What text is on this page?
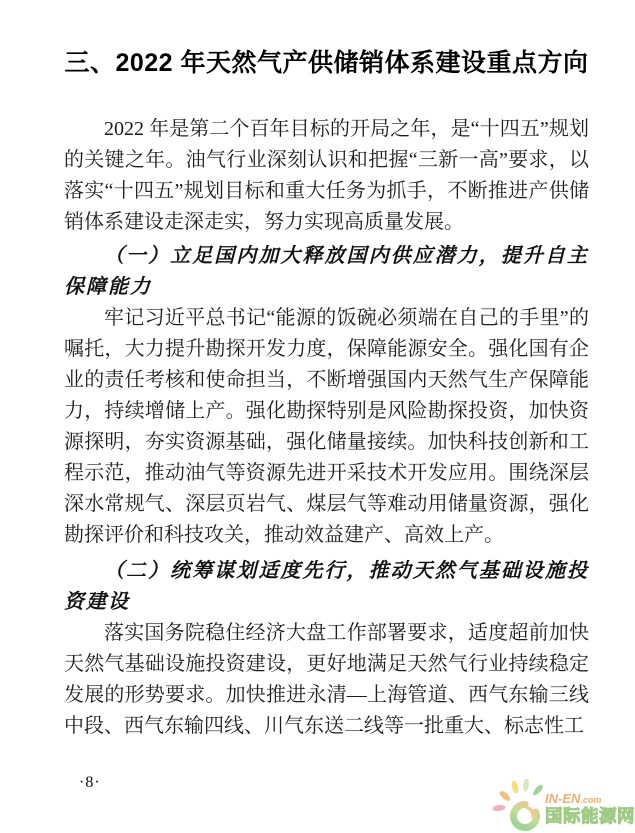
三、2022 年天然气产供储销体系建设重点方向

2022 年是第二个百年目标的开局之年，是“十四五”规划的关键之年。油气行业深刻认识和把握“三新一高”要求，以落实“十四五”规划目标和重大任务为抓手，不断推进产供储销体系建设走深走实，努力实现高质量发展。

（一）立足国内加大释放国内供应潜力，提升自主保障能力

牢记习近平总书记“能源的饭碗必须端在自己的手里”的嘱托，大力提升勘探开发力度，保障能源安全。强化国有企业的责任考核和使命担当，不断增强国内天然气生产保障能力，持续增储上产。强化勘探特别是风险勘探投资，加快资源探明，夯实资源基础，强化储量接续。加快科技创新和工程示范，推动油气等资源先进开采技术开发应用。围绕深层深水常规气、深层页岩气、煤层气等难动用储量资源，强化勘探评价和科技攻关，推动效益建产、高效上产。

（二）统筹谋划适度先行，推动天然气基础设施投资建设

落实国务院稳住经济大盘工作部署要求，适度超前加快天然气基础设施投资建设，更好地满足天然气行业持续稳定发展的形势要求。加快推进永清—上海管道、西气东输三线中段、西气东输四线、川气东送二线等一批重大、标志性工

·8·
IN-EN.com
国际能源网
